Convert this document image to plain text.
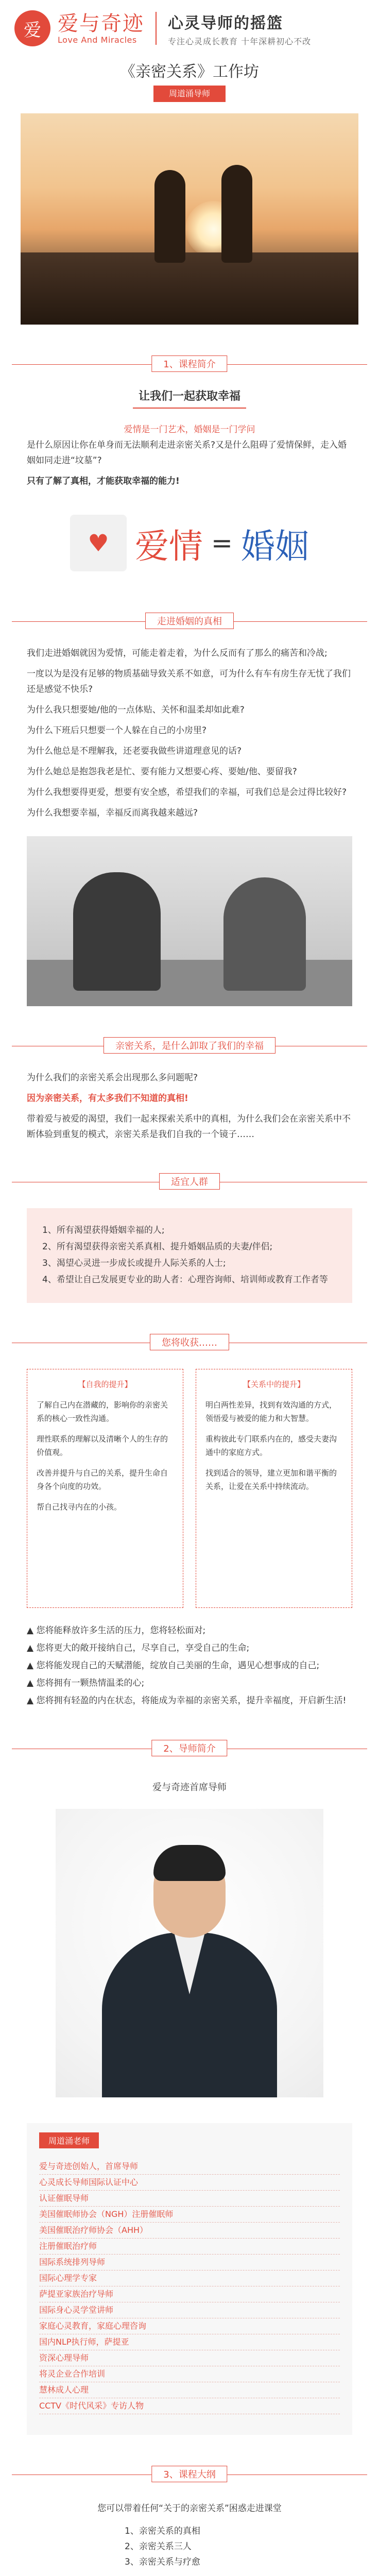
爱 爱与奇迹
Love And Miracles
心灵导师的摇篮
专注心灵成长教育 十年深耕初心不改
《亲密关系》工作坊
周道涌导师
1、课程简介
让我们一起获取幸福
爱情是一门艺术，婚姻是一门学问

是什么原因让你在单身而无法顺利走进亲密关系?又是什么阻碍了爱情保鲜，走入婚姻如同走进“坟墓”?

只有了解了真相，才能获取幸福的能力!

♥ 爱情 = 婚姻
走进婚姻的真相

我们走进婚姻就因为爱情，可能走着走着，为什么反而有了那么的痛苦和冷战;

一度以为是没有足够的物质基础导致关系不如意，可为什么有车有房生存无忧了我们还是感觉不快乐?

为什么我只想要她/他的一点体贴、关怀和温柔却如此难?

为什么下班后只想要一个人躲在自己的小房里?

为什么他总是不理解我，还老要我做些讲道理意见的话?

为什么她总是抱怨我老是忙、要有能力又想要心疼、要她/他、要留我?

为什么我想要得更爱，想要有安全感，希望我们的幸福，可我们总是会过得比较好?

为什么我想要幸福，幸福反而离我越来越远?

亲密关系，是什么卸取了我们的幸福

为什么我们的亲密关系会出现那么多问题呢?

因为亲密关系，有太多我们不知道的真相!

带着爱与被爱的渴望，我们一起来探索关系中的真相，为什么我们会在亲密关系中不断体验到重复的模式，亲密关系是我们自我的一个镜子……

适宜人群
1、所有渴望获得婚姻幸福的人;
2、所有渴望获得亲密关系真相、提升婚姻品质的夫妻/伴侣;
3、渴望心灵进一步成长或提升人际关系的人士;
4、希望让自己发展更专业的助人者：心理咨询师、培训师或教育工作者等
您将收获……
【自我的提升】

了解自己内在潜藏的，影响你的亲密关系的核心一致性沟通。

理性联系的理解以及清晰个人的生存的价值观。

改善并提升与自己的关系，提升生命自身各个向度的功效。

帮自己找寻内在的小孩。

【关系中的提升】

明白两性差异，找到有效沟通的方式，领悟爱与被爱的能力和大智慧。

重构彼此专门联系内在的，感受夫妻沟通中的家庭方式。

找到适合的领导，建立更加和谐平衡的关系，让爱在关系中持续流动。

▲ 您将能释放许多生活的压力，您将轻松面对;
▲ 您将更大的敞开接纳自己，尽享自己，享受自己的生命;
▲ 您将能发现自己的天赋潜能，绽放自己美丽的生命，遇见心想事成的自己;
▲ 您将拥有一颗热情温柔的心;
▲ 您将拥有轻盈的内在状态，将能成为幸福的亲密关系，提升幸福度，开启新生活!
2、导师简介
爱与奇迹首席导师
周道涌老师
爱与奇迹创始人，首席导师
心灵成长导师国际认证中心
认证催眠导师
美国催眠师协会（NGH）注册催眠师
美国催眠治疗师协会（AHH）
注册催眠治疗师
国际系统排列导师
国际心理学专家
萨提亚家族治疗导师
国际身心灵学堂讲师
家庭心灵教育，家庭心理咨询
国内NLP执行师，萨提亚
资深心理导师
将灵企业合作培训
慧林成人心理
CCTV《时代风采》专访人物
3、课程大纲
您可以带着任何“关于的亲密关系”困惑走进课堂
1、亲密关系的真相
2、亲密关系三人
3、亲密关系与疗愈
